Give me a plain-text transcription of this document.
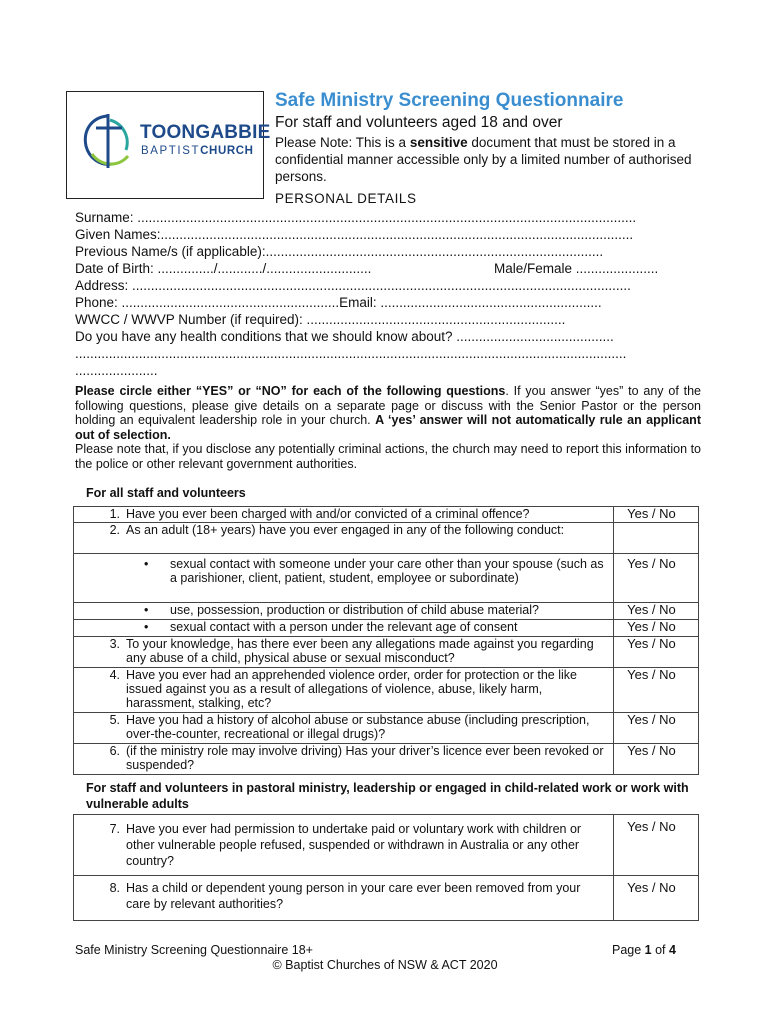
TOONGABBIE
BAPTISTCHURCH
Safe Ministry Screening Questionnaire
For staff and volunteers aged 18 and over
Please Note: This is a sensitive document that must be stored in a confidential manner accessible only by a limited number of authorised persons.
PERSONAL DETAILS
Surname: .....................................................................................................................................
Given Names:..............................................................................................................................
Previous Name/s (if applicable):..........................................................................................
Date of Birth: .............../............/............................	Male/Female ......................
Address: .....................................................................................................................................
Phone: ..........................................................Email: ...........................................................
WWCC / WWVP Number (if required): .....................................................................
Do you have any health conditions that we should know about? ..........................................
...................................................................................................................................................
......................
Please circle either “YES” or “NO” for each of the following questions. If you answer “yes” to any of the following questions, please give details on a separate page or discuss with the Senior Pastor or the person holding an equivalent leadership role in your church. A ‘yes’ answer will not automatically rule an applicant out of selection.
Please note that, if you disclose any potentially criminal actions, the church may need to report this information to the police or other relevant government authorities.
For all staff and volunteers
1. Have you ever been charged with and/or convicted of a criminal offence?	Yes / No

2. As an adult (18+ years) have you ever engaged in any of the following conduct:	

• sexual contact with someone under your care other than your spouse (such as a parishioner, client, patient, student, employee or subordinate)	Yes / No

• use, possession, production or distribution of child abuse material?	Yes / No

• sexual contact with a person under the relevant age of consent	Yes / No

3. To your knowledge, has there ever been any allegations made against you regarding any abuse of a child, physical abuse or sexual misconduct?	Yes / No

4. Have you ever had an apprehended violence order, order for protection or the like issued against you as a result of allegations of violence, abuse, likely harm, harassment, stalking, etc?	Yes / No

5. Have you had a history of alcohol abuse or substance abuse (including prescription, over-the-counter, recreational or illegal drugs)?	Yes / No

6. (if the ministry role may involve driving) Has your driver’s licence ever been revoked or suspended?	Yes / No
For staff and volunteers in pastoral ministry, leadership or engaged in child-related work or work with vulnerable adults
7. Have you ever had permission to undertake paid or voluntary work with children or other vulnerable people refused, suspended or withdrawn in Australia or any other country?	Yes / No

8. Has a child or dependent young person in your care ever been removed from your care by relevant authorities?	Yes / No
Safe Ministry Screening Questionnaire 18+	Page 1 of 4
© Baptist Churches of NSW & ACT 2020
